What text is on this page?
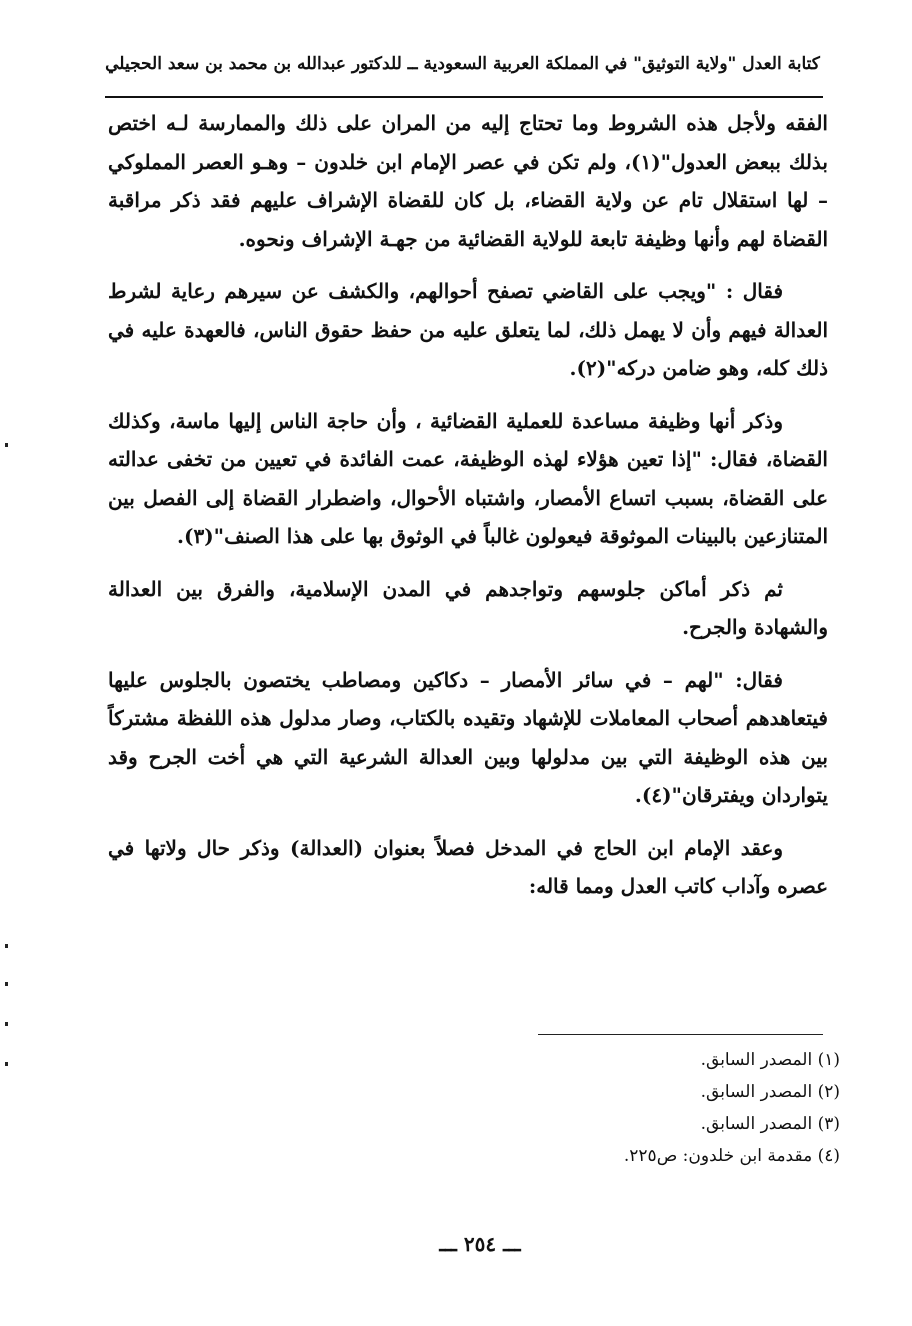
كتابة العدل "ولاية التوثيق" في المملكة العربية السعودية ــ للدكتور عبدالله بن محمد بن سعد الحجيلي

الفقه ولأجل هذه الشروط وما تحتاج إليه من المران على ذلك والممارسة لـه اختص بذلك ببعض العدول"(١)، ولم تكن في عصر الإمام ابن خلدون – وهـو العصر المملوكي – لها استقلال تام عن ولاية القضاء، بل كان للقضاة الإشراف عليهم فقد ذكر مراقبة القضاة لهم وأنها وظيفة تابعة للولاية القضائية من جهـة الإشراف ونحوه.

فقال : "ويجب على القاضي تصفح أحوالهم، والكشف عن سيرهم رعاية لشرط العدالة فيهم وأن لا يهمل ذلك، لما يتعلق عليه من حفظ حقوق الناس، فالعهدة عليه في ذلك كله، وهو ضامن دركه"(٢).

وذكر أنها وظيفة مساعدة للعملية القضائية ، وأن حاجة الناس إليها ماسة، وكذلك القضاة، فقال: "إذا تعين هؤلاء لهذه الوظيفة، عمت الفائدة في تعيين من تخفى عدالته على القضاة، بسبب اتساع الأمصار، واشتباه الأحوال، واضطرار القضاة إلى الفصل بين المتنازعين بالبينات الموثوقة فيعولون غالباً في الوثوق بها على هذا الصنف"(٣).

ثم ذكر أماكن جلوسهم وتواجدهم في المدن الإسلامية، والفرق بين العدالة والشهادة والجرح.

فقال: "لهم – في سائر الأمصار – دكاكين ومصاطب يختصون بالجلوس عليها فيتعاهدهم أصحاب المعاملات للإشهاد وتقيده بالكتاب، وصار مدلول هذه اللفظة مشتركاً بين هذه الوظيفة التي بين مدلولها وبين العدالة الشرعية التي هي أخت الجرح وقد يتواردان ويفترقان"(٤).

وعقد الإمام ابن الحاج في المدخل فصلاً بعنوان (العدالة) وذكر حال ولاتها في عصره وآداب كاتب العدل ومما قاله:

(١) المصدر السابق.

(٢) المصدر السابق.

(٣) المصدر السابق.

(٤) مقدمة ابن خلدون: ص٢٢٥.

ـــ ٢٥٤ ـــ
